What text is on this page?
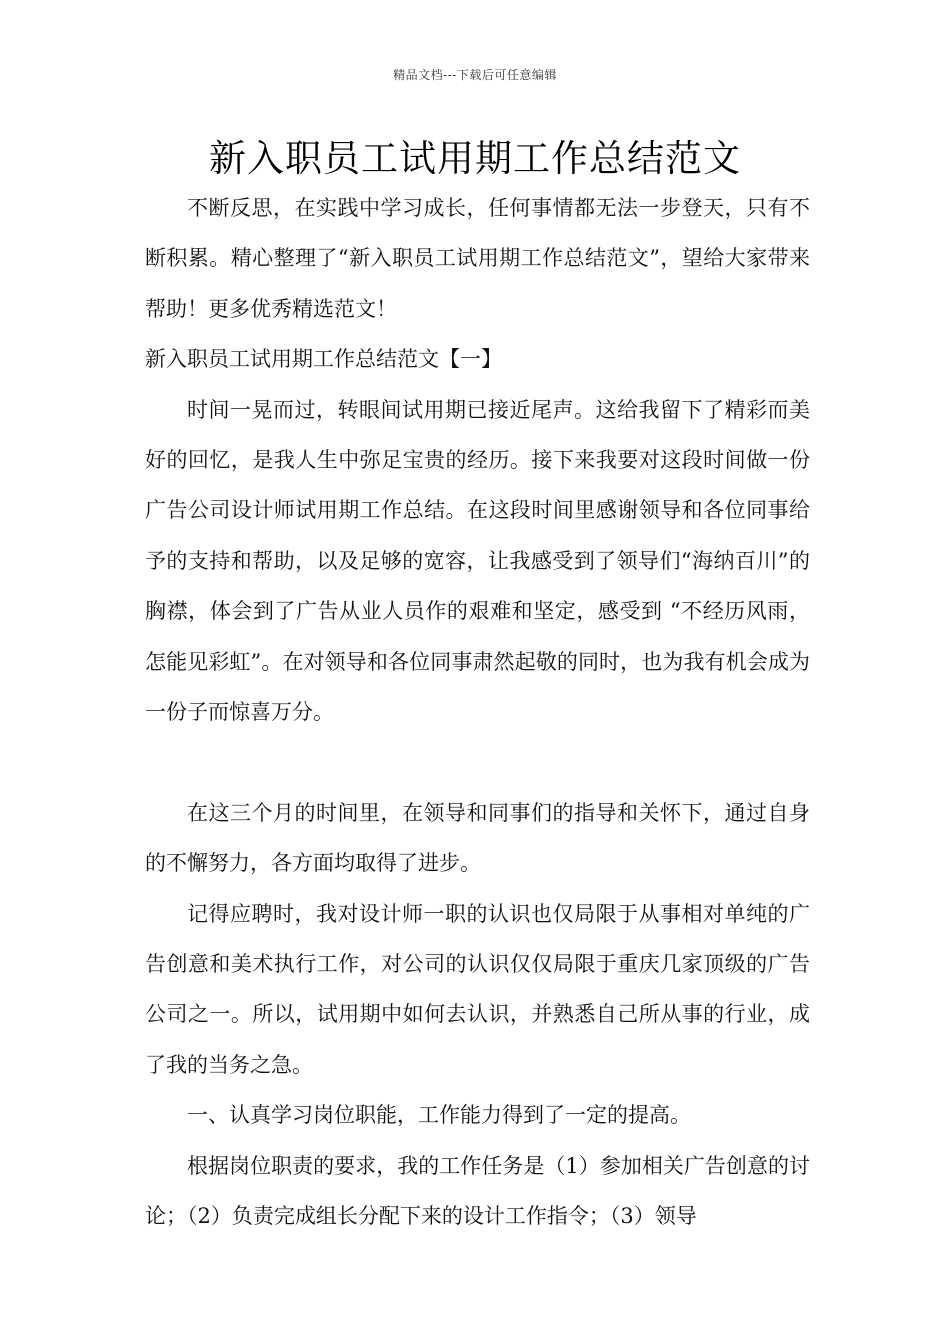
精品文档---下载后可任意编辑
新入职员工试用期工作总结范文

不断反思，在实践中学习成长，任何事情都无法一步登天，只有不断积累。精心整理了“新入职员工试用期工作总结范文”，望给大家带来帮助！更多优秀精选范文！

新入职员工试用期工作总结范文【一】

时间一晃而过，转眼间试用期已接近尾声。这给我留下了精彩而美好的回忆，是我人生中弥足宝贵的经历。接下来我要对这段时间做一份广告公司设计师试用期工作总结。在这段时间里感谢领导和各位同事给予的支持和帮助，以及足够的宽容，让我感受到了领导们“海纳百川”的胸襟，体会到了广告从业人员作的艰难和坚定，感受到 “不经历风雨，怎能见彩虹”。在对领导和各位同事肃然起敬的同时，也为我有机会成为一份子而惊喜万分。

在这三个月的时间里，在领导和同事们的指导和关怀下，通过自身的不懈努力，各方面均取得了进步。

记得应聘时，我对设计师一职的认识也仅局限于从事相对单纯的广告创意和美术执行工作，对公司的认识仅仅局限于重庆几家顶级的广告公司之一。所以，试用期中如何去认识，并熟悉自己所从事的行业，成了我的当务之急。

一、认真学习岗位职能，工作能力得到了一定的提高。

根据岗位职责的要求，我的工作任务是（1）参加相关广告创意的讨论；（2）负责完成组长分配下来的设计工作指令；（3）领导
